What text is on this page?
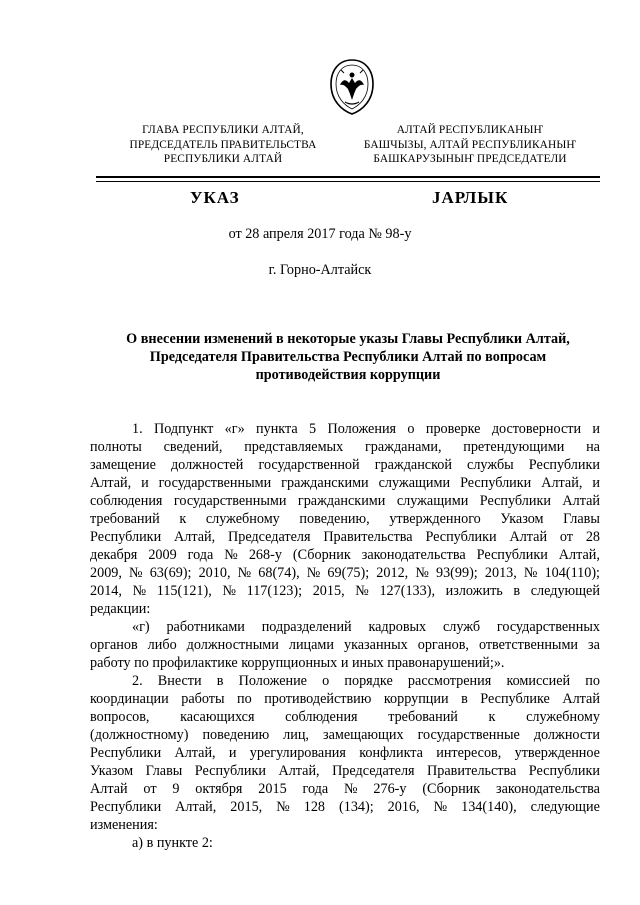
ГЛАВА РЕСПУБЛИКИ АЛТАЙ,
ПРЕДСЕДАТЕЛЬ ПРАВИТЕЛЬСТВА
РЕСПУБЛИКИ АЛТАЙ
АЛТАЙ РЕСПУБЛИКАНЫҤ
БАШЧЫЗЫ, АЛТАЙ РЕСПУБЛИКАНЫҤ
БАШКАРУЗЫНЫҤ ПРЕДСЕДАТЕЛИ
УКАЗ	JАРЛЫК
от 28 апреля 2017 года № 98-у
г. Горно-Алтайск
О внесении изменений в некоторые указы Главы Республики Алтай,
Председателя Правительства Республики Алтай по вопросам
противодействия коррупции
1. Подпункт «г» пункта 5 Положения о проверке достоверности и
полноты сведений, представляемых гражданами, претендующими на
замещение должностей государственной гражданской службы Республики
Алтай, и государственными гражданскими служащими Республики Алтай, и
соблюдения государственными гражданскими служащими Республики Алтай
требований к служебному поведению, утвержденного Указом Главы
Республики Алтай, Председателя Правительства Республики Алтай от 28
декабря 2009 года № 268-у (Сборник законодательства Республики Алтай,
2009, № 63(69); 2010, № 68(74), № 69(75); 2012, № 93(99); 2013, № 104(110);
2014, № 115(121), № 117(123); 2015, № 127(133), изложить в следующей
редакции:
«г) работниками подразделений кадровых служб государственных
органов либо должностными лицами указанных органов, ответственными за
работу по профилактике коррупционных и иных правонарушений;».
2. Внести в Положение о порядке рассмотрения комиссией по
координации работы по противодействию коррупции в Республике Алтай
вопросов, касающихся соблюдения требований к служебному
(должностному) поведению лиц, замещающих государственные должности
Республики Алтай, и урегулирования конфликта интересов, утвержденное
Указом Главы Республики Алтай, Председателя Правительства Республики
Алтай от 9 октября 2015 года № 276-у (Сборник законодательства
Республики Алтай, 2015, № 128 (134); 2016, № 134(140), следующие
изменения:
а) в пункте 2:
